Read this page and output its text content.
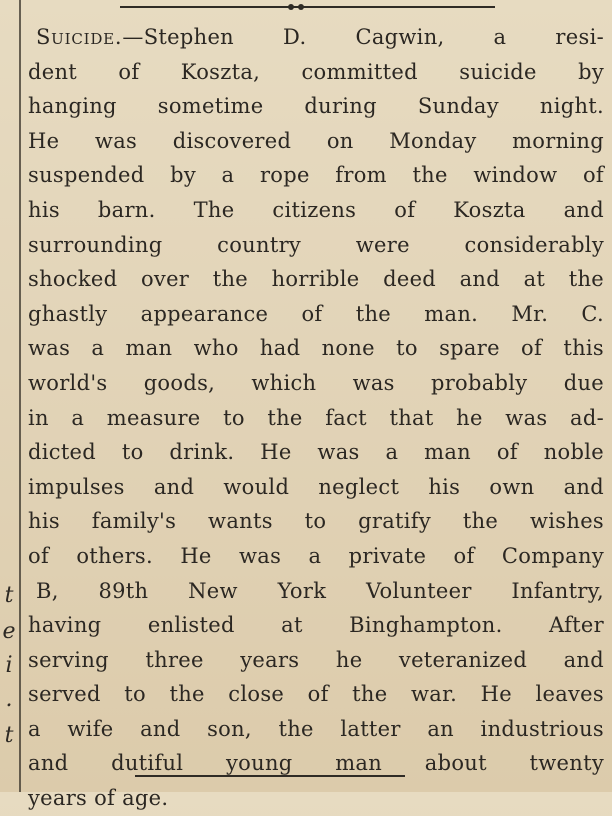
t
e
i
.
t
Suicide.—Stephen D. Cagwin, a resi-
dent of Koszta, committed suicide by
hanging sometime during Sunday night.
He was discovered on Monday morning
suspended by a rope from the window of
his barn. The citizens of Koszta and
surrounding country were considerably
shocked over the horrible deed and at the
ghastly appearance of the man. Mr. C.
was a man who had none to spare of this
world's goods, which was probably due
in a measure to the fact that he was ad-
dicted to drink. He was a man of noble
impulses and would neglect his own and
his family's wants to gratify the wishes
of others. He was a private of Company
B, 89th New York Volunteer Infantry,
having enlisted at Binghampton. After
serving three years he veteranized and
served to the close of the war. He leaves
a wife and son, the latter an industrious
and dutiful young man about twenty
years of age.
